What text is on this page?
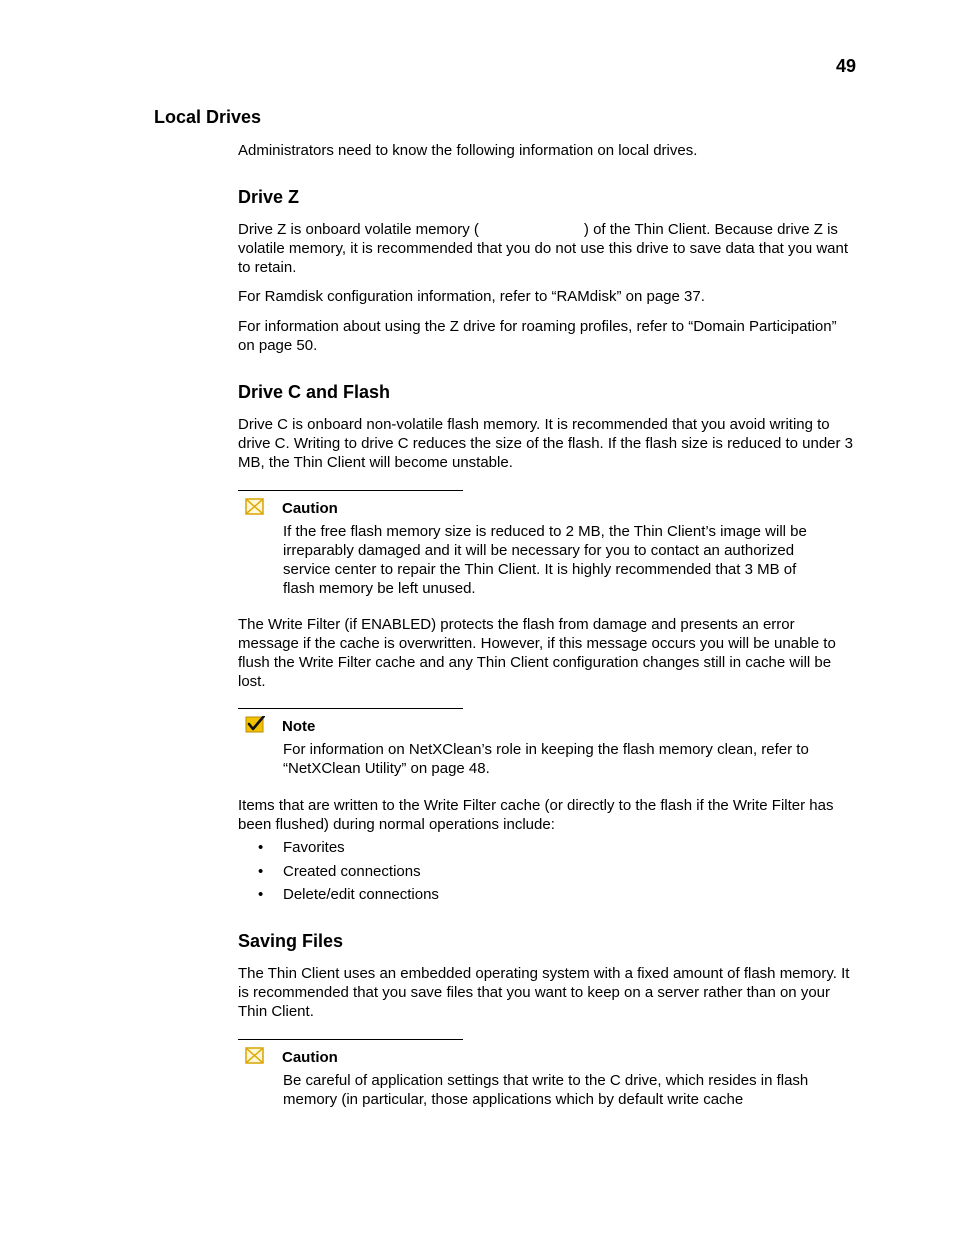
49
Local Drives
Administrators need to know the following information on local drives.
Drive Z
Drive Z is onboard volatile memory (	) of the Thin Client. Because drive Z is volatile memory, it is recommended that you do not use this drive to save data that you want to retain.
For Ramdisk configuration information, refer to “RAMdisk” on page 37.
For information about using the Z drive for roaming profiles, refer to “Domain Participation” on page 50.
Drive C and Flash
Drive C is onboard non-volatile flash memory. It is recommended that you avoid writing to drive C. Writing to drive C reduces the size of the flash. If the flash size is reduced to under 3 MB, the Thin Client will become unstable.
Caution
If the free flash memory size is reduced to 2 MB, the Thin Client’s image will be irreparably damaged and it will be necessary for you to contact an authorized service center to repair the Thin Client. It is highly recommended that 3 MB of flash memory be left unused.
The Write Filter (if ENABLED) protects the flash from damage and presents an error message if the cache is overwritten. However, if this message occurs you will be unable to flush the Write Filter cache and any Thin Client configuration changes still in cache will be lost.
Note
For information on NetXClean’s role in keeping the flash memory clean, refer to “NetXClean Utility” on page 48.
Items that are written to the Write Filter cache (or directly to the flash if the Write Filter has been flushed) during normal operations include:
• Favorites
• Created connections
• Delete/edit connections
Saving Files
The Thin Client uses an embedded operating system with a fixed amount of flash memory. It is recommended that you save files that you want to keep on a server rather than on your Thin Client.
Caution
Be careful of application settings that write to the C drive, which resides in flash memory (in particular, those applications which by default write cache
